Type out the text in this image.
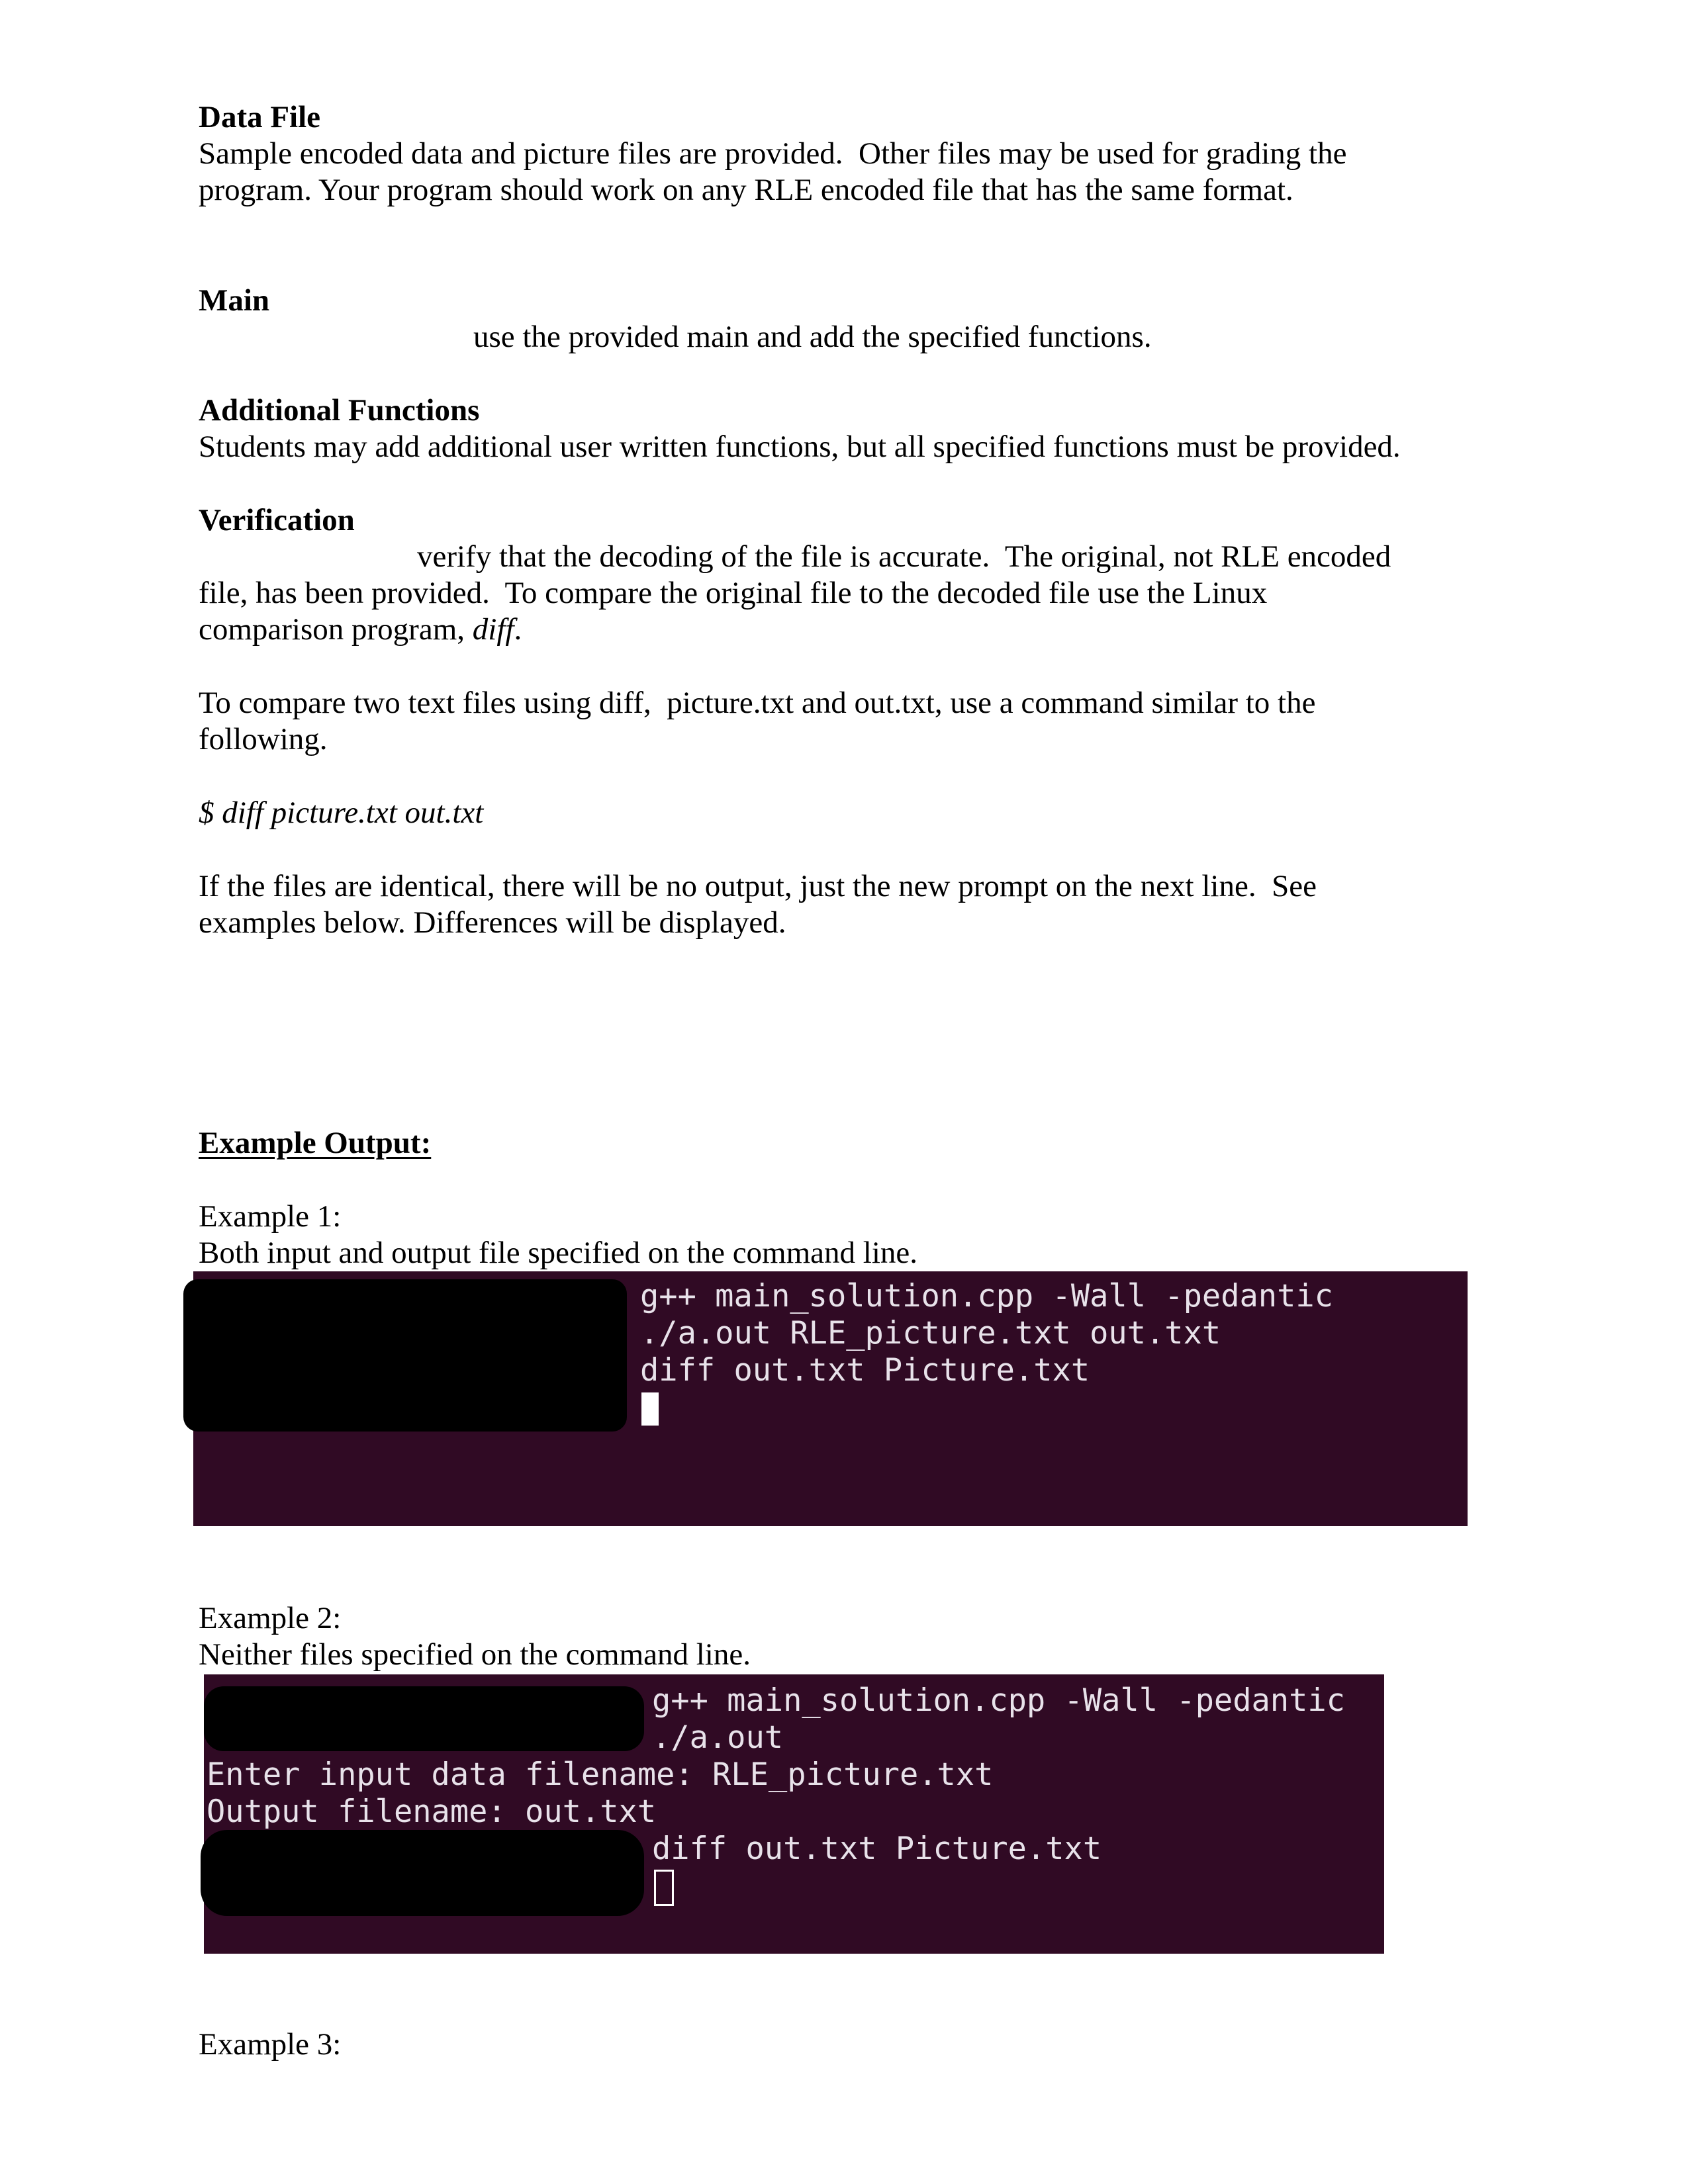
Data File
Sample encoded data and picture files are provided.  Other files may be used for grading the
program. Your program should work on any RLE encoded file that has the same format.
Main
use the provided main and add the specified functions.
Additional Functions
Students may add additional user written functions, but all specified functions must be provided.
Verification
verify that the decoding of the file is accurate.  The original, not RLE encoded
file, has been provided.  To compare the original file to the decoded file use the Linux
comparison program, diff.
To compare two text files using diff,  picture.txt and out.txt, use a command similar to the
following.
$ diff picture.txt out.txt
If the files are identical, there will be no output, just the new prompt on the next line.  See
examples below. Differences will be displayed.
Example Output:
Example 1:
Both input and output file specified on the command line.
g++ main_solution.cpp -Wall -pedantic
./a.out RLE_picture.txt out.txt
diff out.txt Picture.txt
Example 2:
Neither files specified on the command line.
g++ main_solution.cpp -Wall -pedantic
./a.out
Enter input data filename: RLE_picture.txt
Output filename: out.txt
diff out.txt Picture.txt
Example 3:
